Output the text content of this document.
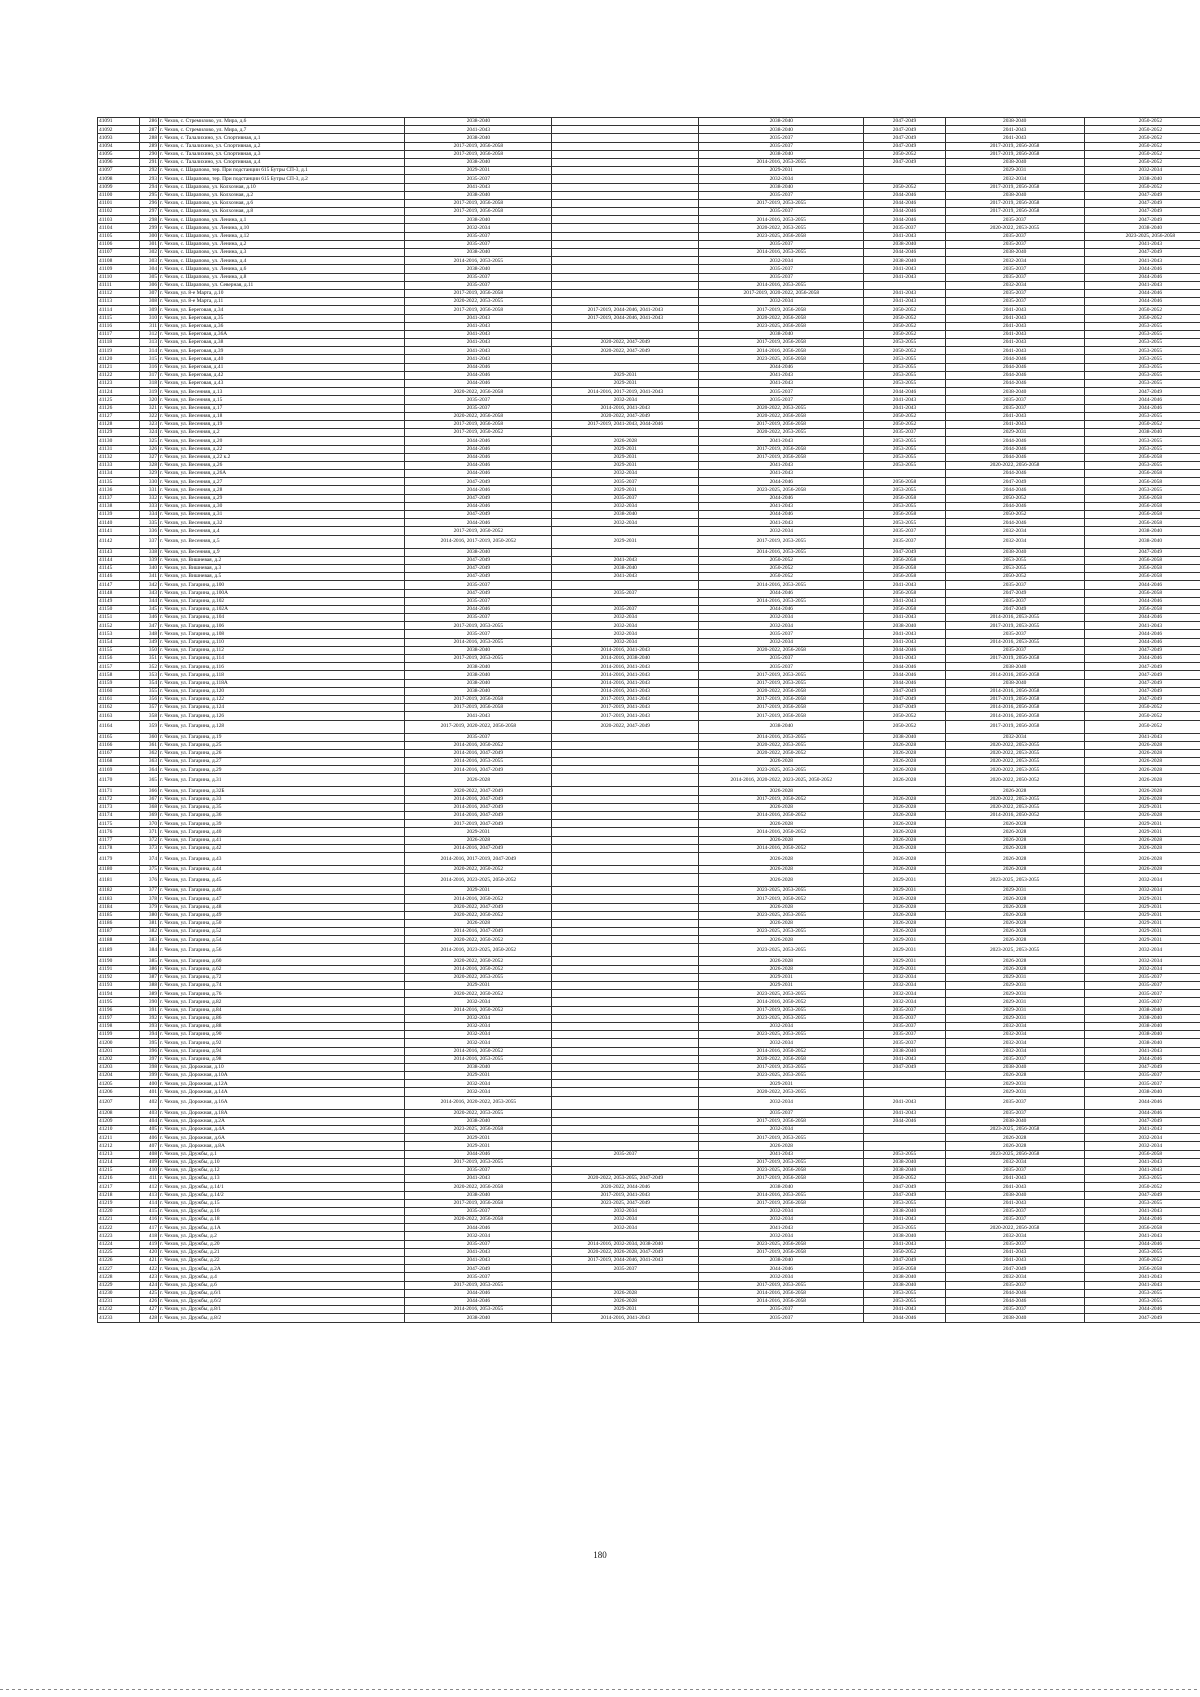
41091	286	г. Чехов, с. Стремилово, ул. Мира, д.6	2038-2040		2038-2040	2047-2049	2038-2040	2050-2052
41092	287	г. Чехов, с. Стремилово, ул. Мира, д.7	2041-2043		2038-2040	2047-2049	2041-2043	2050-2052
41093	288	г. Чехов, с. Талалихино, ул. Спортивная, д.1	2038-2040		2035-2037	2047-2049	2041-2043	2050-2052
41094	289	г. Чехов, с. Талалихино, ул. Спортивная, д.2	2017-2019, 2056-2058		2035-2037	2047-2049	2017-2019, 2056-2058	2050-2052
41095	290	г. Чехов, с. Талалихино, ул. Спортивная, д.3	2017-2019, 2056-2058		2038-2040	2050-2052	2017-2019, 2056-2058	2050-2052
41096	291	г. Чехов, с. Талалихино, ул. Спортивная, д.4	2038-2040		2014-2016, 2053-2055	2047-2049	2038-2040	2050-2052
41097	292	г. Чехов, с. Шарапово, тер. При подстанции 615 Бутры СП-3, д.1	2029-2031		2029-2031		2029-2031	2032-2034
41098	293	г. Чехов, с. Шарапово, тер. При подстанции 615 Бутры СП-3, д.2	2035-2037		2032-2034		2032-2034	2038-2040
41099	294	г. Чехов, с. Шарапово, ул. Колхозная, д.10	2041-2043		2038-2040	2050-2052	2017-2019, 2056-2058	2050-2052
41100	295	г. Чехов, с. Шарапово, ул. Колхозная, д.2	2038-2040		2035-2037	2044-2046	2038-2040	2047-2049
41101	296	г. Чехов, с. Шарапово, ул. Колхозная, д.6	2017-2019, 2056-2058		2017-2019, 2053-2055	2044-2046	2017-2019, 2056-2058	2047-2049
41102	297	г. Чехов, с. Шарапово, ул. Колхозная, д.8	2017-2019, 2056-2058		2035-2037	2044-2046	2017-2019, 2056-2058	2047-2049
41103	298	г. Чехов, с. Шарапово, ул. Ленина, д.1	2038-2040		2014-2016, 2053-2055	2044-2046	2035-2037	2047-2049
41104	299	г. Чехов, с. Шарапово, ул. Ленина, д.10	2032-2034		2020-2022, 2053-2055	2035-2037	2020-2022, 2053-2055	2038-2040
41105	300	г. Чехов, с. Шарапово, ул. Ленина, д.12	2035-2037		2023-2025, 2056-2058	2041-2043	2035-2037	2023-2025, 2056-2058
41106	301	г. Чехов, с. Шарапово, ул. Ленина, д.2	2035-2037		2035-2037	2038-2040	2035-2037	2041-2043
41107	302	г. Чехов, с. Шарапово, ул. Ленина, д.3	2038-2040		2014-2016, 2053-2055	2044-2046	2038-2040	2047-2049
41108	303	г. Чехов, с. Шарапово, ул. Ленина, д.4	2014-2016, 2053-2055		2032-2034	2038-2040	2032-2034	2041-2043
41109	304	г. Чехов, с. Шарапово, ул. Ленина, д.6	2038-2040		2035-2037	2041-2043	2035-2037	2044-2046
41110	305	г. Чехов, с. Шарапово, ул. Ленина, д.8	2035-2037		2035-2037	2041-2043	2035-2037	2044-2046
41111	306	г. Чехов, с. Шарапово, ул. Северная, д.11	2035-2037		2014-2016, 2053-2055		2032-2034	2041-2043
41112	307	г. Чехов, ул. 8-е Марта, д.10	2017-2019, 2056-2058		2017-2019, 2020-2022, 2056-2058	2041-2043	2035-2037	2044-2046
41113	308	г. Чехов, ул. 8-е Марта, д.11	2020-2022, 2053-2055		2032-2034	2041-2043	2035-2037	2044-2046
41114	309	г. Чехов, ул. Береговая, д.34	2017-2019, 2056-2058	2017-2019, 2044-2046, 2041-2043	2017-2019, 2056-2058	2050-2052	2041-2043	2050-2052
41115	310	г. Чехов, ул. Береговая, д.35	2041-2043	2017-2019, 2044-2046, 2041-2043	2020-2022, 2056-2058	2050-2052	2041-2043	2050-2052
41116	311	г. Чехов, ул. Береговая, д.36	2041-2043		2023-2025, 2056-2058	2050-2052	2041-2043	2053-2055
41117	312	г. Чехов, ул. Береговая, д.36А	2041-2043		2038-2040	2050-2052	2041-2043	2053-2055
41118	313	г. Чехов, ул. Береговая, д.38	2041-2043	2020-2022, 2047-2049	2017-2019, 2056-2058	2053-2055	2041-2043	2053-2055
41119	314	г. Чехов, ул. Береговая, д.39	2041-2043	2020-2022, 2047-2049	2014-2016, 2056-2058	2050-2052	2041-2043	2053-2055
41120	315	г. Чехов, ул. Береговая, д.40	2041-2043		2023-2025, 2056-2058	2053-2055	2044-2046	2053-2055
41121	316	г. Чехов, ул. Береговая, д.41	2044-2046		2044-2046	2053-2055	2044-2046	2053-2055
41122	317	г. Чехов, ул. Береговая, д.42	2044-2046	2029-2031	2041-2043	2053-2055	2044-2046	2053-2055
41123	318	г. Чехов, ул. Береговая, д.43	2044-2046	2029-2031	2041-2043	2053-2055	2044-2046	2053-2055
41124	319	г. Чехов, ул. Весенняя, д.13	2020-2022, 2056-2058	2014-2016, 2017-2019, 2041-2043	2035-2037	2044-2046	2038-2040	2047-2049
41125	320	г. Чехов, ул. Весенняя, д.15	2035-2037	2032-2034	2035-2037	2041-2043	2035-2037	2044-2046
41126	321	г. Чехов, ул. Весенняя, д.17	2035-2037	2014-2016, 2041-2043	2020-2022, 2053-2055	2041-2043	2035-2037	2044-2046
41127	322	г. Чехов, ул. Весенняя, д.18	2020-2022, 2056-2058	2020-2022, 2047-2049	2020-2022, 2056-2058	2050-2052	2041-2043	2053-2055
41128	323	г. Чехов, ул. Весенняя, д.19	2017-2019, 2056-2058	2017-2019, 2041-2043, 2044-2046	2017-2019, 2056-2058	2050-2052	2041-2043	2050-2052
41129	324	г. Чехов, ул. Весенняя, д.2	2017-2019, 2050-2052		2020-2022, 2053-2055	2035-2037	2029-2031	2038-2040
41130	325	г. Чехов, ул. Весенняя, д.20	2044-2046	2026-2028	2041-2043	2053-2055	2044-2046	2053-2055
41131	326	г. Чехов, ул. Весенняя, д.22	2044-2046	2029-2031	2017-2019, 2056-2058	2053-2055	2044-2046	2053-2055
41132	327	г. Чехов, ул. Весенняя, д.22 к.2	2044-2046	2029-2031	2017-2019, 2056-2058	2053-2055	2044-2046	2056-2058
41133	328	г. Чехов, ул. Весенняя, д.26	2044-2046	2029-2031	2041-2043	2053-2055	2020-2022, 2056-2058	2053-2055
41134	329	г. Чехов, ул. Весенняя, д.26А	2044-2046	2032-2034	2041-2043		2044-2046	2056-2058
41135	330	г. Чехов, ул. Весенняя, д.27	2047-2049	2035-2037	2044-2046	2056-2058	2047-2049	2056-2058
41136	331	г. Чехов, ул. Весенняя, д.28	2044-2046	2029-2031	2023-2025, 2056-2058	2053-2055	2044-2046	2053-2055
41137	332	г. Чехов, ул. Весенняя, д.29	2047-2049	2035-2037	2044-2046	2056-2058	2050-2052	2056-2058
41138	333	г. Чехов, ул. Весенняя, д.30	2044-2046	2032-2034	2041-2043	2053-2055	2044-2046	2056-2058
41139	334	г. Чехов, ул. Весенняя, д.31	2047-2049	2038-2040	2044-2046	2056-2058	2050-2052	2056-2058
41140	335	г. Чехов, ул. Весенняя, д.32	2044-2046	2032-2034	2041-2043	2053-2055	2044-2046	2056-2058
41141	336	г. Чехов, ул. Весенняя, д.4	2017-2019, 2050-2052		2032-2034	2035-2037	2032-2034	2038-2040
41142	337	г. Чехов, ул. Весенняя, д.5	2014-2016, 2017-2019, 2050-2052	2029-2031	2017-2019, 2053-2055	2035-2037	2032-2034	2038-2040
41143	338	г. Чехов, ул. Весенняя, д.9	2038-2040		2014-2016, 2053-2055	2047-2049	2038-2040	2047-2049
41144	339	г. Чехов, ул. Вишневая, д.2	2047-2049	2041-2043	2050-2052	2056-2058	2053-2055	2056-2058
41145	340	г. Чехов, ул. Вишневая, д.3	2047-2049	2038-2040	2050-2052	2056-2058	2053-2055	2056-2058
41146	341	г. Чехов, ул. Вишневая, д.5	2047-2049	2041-2043	2050-2052	2056-2058	2050-2052	2056-2058
41147	342	г. Чехов, ул. Гагарина, д.100	2035-2037		2014-2016, 2053-2055	2041-2043	2035-2037	2044-2046
41148	343	г. Чехов, ул. Гагарина, д.100А	2047-2049	2035-2037	2044-2046	2056-2058	2047-2049	2056-2058
41149	344	г. Чехов, ул. Гагарина, д.102	2035-2037		2014-2016, 2053-2055	2041-2043	2035-2037	2044-2046
41150	345	г. Чехов, ул. Гагарина, д.102А	2044-2046	2035-2037	2044-2046	2056-2058	2047-2049	2056-2058
41151	346	г. Чехов, ул. Гагарина, д.104	2035-2037	2032-2034	2032-2034	2041-2043	2014-2016, 2053-2055	2044-2046
41152	347	г. Чехов, ул. Гагарина, д.106	2017-2019, 2053-2055	2032-2034	2032-2034	2038-2040	2017-2019, 2053-2055	2041-2043
41153	348	г. Чехов, ул. Гагарина, д.108	2035-2037	2032-2034	2035-2037	2041-2043	2035-2037	2044-2046
41154	349	г. Чехов, ул. Гагарина, д.110	2014-2016, 2053-2055	2032-2034	2032-2034	2041-2043	2014-2016, 2053-2055	2044-2046
41155	350	г. Чехов, ул. Гагарина, д.112	2038-2040	2014-2016, 2041-2043	2020-2022, 2056-2058	2044-2046	2035-2037	2047-2049
41156	351	г. Чехов, ул. Гагарина, д.114	2017-2019, 2053-2055	2014-2016, 2038-2040	2035-2037	2041-2043	2017-2019, 2056-2058	2044-2046
41157	352	г. Чехов, ул. Гагарина, д.116	2038-2040	2014-2016, 2041-2043	2035-2037	2044-2046	2038-2040	2047-2049
41158	353	г. Чехов, ул. Гагарина, д.118	2038-2040	2014-2016, 2041-2043	2017-2019, 2053-2055	2044-2046	2014-2016, 2056-2058	2047-2049
41159	354	г. Чехов, ул. Гагарина, д.118А	2038-2040	2014-2016, 2041-2043	2017-2019, 2053-2055	2044-2046	2038-2040	2047-2049
41160	355	г. Чехов, ул. Гагарина, д.120	2038-2040	2014-2016, 2041-2043	2020-2022, 2056-2058	2047-2049	2014-2016, 2056-2058	2047-2049
41161	356	г. Чехов, ул. Гагарина, д.122	2017-2019, 2056-2058	2017-2019, 2041-2043	2017-2019, 2056-2058	2047-2049	2017-2019, 2056-2058	2047-2049
41162	357	г. Чехов, ул. Гагарина, д.124	2017-2019, 2056-2058	2017-2019, 2041-2043	2017-2019, 2056-2058	2047-2049	2014-2016, 2056-2058	2050-2052
41163	358	г. Чехов, ул. Гагарина, д.126	2041-2043	2017-2019, 2041-2043	2017-2019, 2056-2058	2050-2052	2014-2016, 2056-2058	2050-2052
41164	359	г. Чехов, ул. Гагарина, д.128	2017-2019, 2020-2022, 2056-2058	2020-2022, 2047-2049	2038-2040	2050-2052	2017-2019, 2056-2058	2050-2052
41165	360	г. Чехов, ул. Гагарина, д.19	2035-2037		2014-2016, 2053-2055	2038-2040	2032-2034	2041-2043
41166	361	г. Чехов, ул. Гагарина, д.25	2014-2016, 2050-2052		2020-2022, 2053-2055	2026-2028	2020-2022, 2053-2055	2026-2028
41167	362	г. Чехов, ул. Гагарина, д.26	2014-2016, 2047-2049		2020-2022, 2050-2052	2026-2028	2020-2022, 2053-2055	2026-2028
41168	363	г. Чехов, ул. Гагарина, д.27	2014-2016, 2053-2055		2026-2028	2026-2028	2020-2022, 2053-2055	2026-2028
41169	364	г. Чехов, ул. Гагарина, д.29	2014-2016, 2047-2049		2023-2025, 2053-2055	2026-2028	2020-2022, 2053-2055	2026-2028
41170	365	г. Чехов, ул. Гагарина, д.31	2026-2028		2014-2016, 2020-2022, 2023-2025, 2050-2052	2026-2028	2020-2022, 2050-2052	2026-2028
41171	366	г. Чехов, ул. Гагарина, д.32Б	2020-2022, 2047-2049		2026-2028		2026-2028	2026-2028
41172	367	г. Чехов, ул. Гагарина, д.33	2014-2016, 2047-2049		2017-2019, 2050-2052	2026-2028	2020-2022, 2053-2055	2026-2028
41173	368	г. Чехов, ул. Гагарина, д.35	2014-2016, 2047-2049		2026-2028	2026-2028	2020-2022, 2053-2055	2029-2031
41174	369	г. Чехов, ул. Гагарина, д.36	2014-2016, 2047-2049		2014-2016, 2050-2052	2026-2028	2014-2016, 2050-2052	2026-2028
41175	370	г. Чехов, ул. Гагарина, д.39	2017-2019, 2047-2049		2026-2028	2026-2028	2026-2028	2029-2031
41176	371	г. Чехов, ул. Гагарина, д.40	2029-2031		2014-2016, 2050-2052	2026-2028	2026-2028	2029-2031
41177	372	г. Чехов, ул. Гагарина, д.41	2026-2028		2026-2028	2026-2028	2026-2028	2026-2028
41178	373	г. Чехов, ул. Гагарина, д.42	2014-2016, 2047-2049		2014-2016, 2050-2052	2026-2028	2026-2028	2026-2028
41179	374	г. Чехов, ул. Гагарина, д.43	2014-2016, 2017-2019, 2047-2049		2026-2028	2026-2028	2026-2028	2026-2028
41180	375	г. Чехов, ул. Гагарина, д.44	2020-2022, 2050-2052		2026-2028	2026-2028	2026-2028	2026-2028
41181	376	г. Чехов, ул. Гагарина, д.45	2014-2016, 2023-2025, 2050-2052		2026-2028	2029-2031	2023-2025, 2053-2055	2032-2034
41182	377	г. Чехов, ул. Гагарина, д.46	2029-2031		2023-2025, 2053-2055	2029-2031	2029-2031	2032-2034
41183	378	г. Чехов, ул. Гагарина, д.47	2014-2016, 2050-2052		2017-2019, 2050-2052	2026-2028	2026-2028	2029-2031
41184	379	г. Чехов, ул. Гагарина, д.48	2020-2022, 2047-2049		2026-2028	2026-2028	2026-2028	2029-2031
41185	380	г. Чехов, ул. Гагарина, д.49	2020-2022, 2050-2052		2023-2025, 2053-2055	2026-2028	2026-2028	2029-2031
41186	381	г. Чехов, ул. Гагарина, д.50	2026-2028		2026-2028	2026-2028	2026-2028	2029-2031
41187	382	г. Чехов, ул. Гагарина, д.52	2014-2016, 2047-2049		2023-2025, 2053-2055	2026-2028	2026-2028	2029-2031
41188	383	г. Чехов, ул. Гагарина, д.54	2020-2022, 2050-2052		2026-2028	2029-2031	2026-2028	2029-2031
41189	384	г. Чехов, ул. Гагарина, д.56	2014-2016, 2023-2025, 2050-2052		2023-2025, 2053-2055	2029-2031	2023-2025, 2053-2055	2032-2034
41190	385	г. Чехов, ул. Гагарина, д.60	2020-2022, 2050-2052		2026-2028	2029-2031	2026-2028	2032-2034
41191	386	г. Чехов, ул. Гагарина, д.62	2014-2016, 2050-2052		2026-2028	2029-2031	2026-2028	2032-2034
41192	387	г. Чехов, ул. Гагарина, д.72	2020-2022, 2053-2055		2029-2031	2032-2034	2029-2031	2035-2037
41193	388	г. Чехов, ул. Гагарина, д.74	2029-2031		2029-2031	2032-2034	2029-2031	2035-2037
41194	389	г. Чехов, ул. Гагарина, д.76	2020-2022, 2050-2052		2023-2025, 2053-2055	2032-2034	2029-2031	2035-2037
41195	390	г. Чехов, ул. Гагарина, д.82	2032-2034		2014-2016, 2050-2052	2032-2034	2029-2031	2035-2037
41196	391	г. Чехов, ул. Гагарина, д.84	2014-2016, 2050-2052		2017-2019, 2053-2055	2035-2037	2029-2031	2038-2040
41197	392	г. Чехов, ул. Гагарина, д.86	2032-2034		2023-2025, 2053-2055	2035-2037	2029-2031	2038-2040
41198	393	г. Чехов, ул. Гагарина, д.88	2032-2034		2032-2034	2035-2037	2032-2034	2038-2040
41199	394	г. Чехов, ул. Гагарина, д.90	2032-2034		2023-2025, 2053-2055	2035-2037	2032-2034	2038-2040
41200	395	г. Чехов, ул. Гагарина, д.92	2032-2034		2032-2034	2035-2037	2032-2034	2038-2040
41201	396	г. Чехов, ул. Гагарина, д.94	2014-2016, 2050-2052		2014-2016, 2050-2052	2038-2040	2032-2034	2041-2043
41202	397	г. Чехов, ул. Гагарина, д.98	2014-2016, 2053-2055		2020-2022, 2056-2058	2041-2043	2035-2037	2044-2046
41203	398	г. Чехов, ул. Дорожная, д.10	2038-2040		2017-2019, 2053-2055	2047-2049	2038-2040	2047-2049
41204	399	г. Чехов, ул. Дорожная, д.10А	2029-2031		2023-2025, 2053-2055		2026-2028	2035-2037
41205	400	г. Чехов, ул. Дорожная, д.12А	2032-2034		2029-2031		2029-2031	2035-2037
41206	401	г. Чехов, ул. Дорожная, д.14А	2032-2034		2020-2022, 2053-2055		2029-2031	2038-2040
41207	402	г. Чехов, ул. Дорожная, д.16А	2014-2016, 2020-2022, 2053-2055		2032-2034	2041-2043	2035-2037	2044-2046
41208	403	г. Чехов, ул. Дорожная, д.18А	2020-2022, 2053-2055		2035-2037	2041-2043	2035-2037	2044-2046
41209	404	г. Чехов, ул. Дорожная, д.2А	2038-2040		2017-2019, 2056-2058	2044-2046	2038-2040	2047-2049
41210	405	г. Чехов, ул. Дорожная, д.4А	2023-2025, 2056-2058		2032-2034		2023-2025, 2056-2058	2041-2043
41211	406	г. Чехов, ул. Дорожная, д.6А	2029-2031		2017-2019, 2053-2055		2026-2028	2032-2034
41212	407	г. Чехов, ул. Дорожная, д.8А	2029-2031		2026-2028		2026-2028	2032-2034
41213	408	г. Чехов, ул. Дружбы, д.1	2044-2046	2035-2037	2041-2043	2053-2055	2023-2025, 2056-2058	2056-2058
41214	409	г. Чехов, ул. Дружбы, д.10	2017-2019, 2053-2055		2017-2019, 2053-2055	2038-2040	2032-2034	2041-2043
41215	410	г. Чехов, ул. Дружбы, д.12	2035-2037		2023-2025, 2056-2058	2038-2040	2035-2037	2041-2043
41216	411	г. Чехов, ул. Дружбы, д.13	2041-2043	2020-2022, 2053-2055, 2047-2049	2017-2019, 2056-2058	2050-2052	2041-2043	2053-2055
41217	412	г. Чехов, ул. Дружбы, д.14/1	2020-2022, 2056-2058	2020-2022, 2044-2046	2038-2040	2047-2049	2041-2043	2050-2052
41218	413	г. Чехов, ул. Дружбы, д.14/2	2038-2040	2017-2019, 2041-2043	2014-2016, 2053-2055	2047-2049	2038-2040	2047-2049
41219	414	г. Чехов, ул. Дружбы, д.15	2017-2019, 2056-2058	2023-2025, 2047-2049	2017-2019, 2056-2058	2053-2055	2041-2043	2053-2055
41220	415	г. Чехов, ул. Дружбы, д.16	2035-2037	2032-2034	2032-2034	2038-2040	2035-2037	2041-2043
41221	416	г. Чехов, ул. Дружбы, д.18	2020-2022, 2056-2058	2032-2034	2032-2034	2041-2043	2035-2037	2044-2046
41222	417	г. Чехов, ул. Дружбы, д.1А	2044-2046	2032-2034	2041-2043	2053-2055	2020-2022, 2056-2058	2056-2058
41223	418	г. Чехов, ул. Дружбы, д.2	2032-2034		2032-2034	2038-2040	2032-2034	2041-2043
41224	419	г. Чехов, ул. Дружбы, д.20	2035-2037	2014-2016, 2032-2034, 2038-2040	2023-2025, 2056-2058	2041-2043	2035-2037	2044-2046
41225	420	г. Чехов, ул. Дружбы, д.21	2041-2043	2020-2022, 2026-2028, 2047-2049	2017-2019, 2056-2058	2050-2052	2041-2043	2053-2055
41226	421	г. Чехов, ул. Дружбы, д.22	2041-2043	2017-2019, 2044-2046, 2041-2043	2038-2040	2047-2049	2041-2043	2050-2052
41227	422	г. Чехов, ул. Дружбы, д.2А	2047-2049	2035-2037	2044-2046	2056-2058	2047-2049	2056-2058
41228	423	г. Чехов, ул. Дружбы, д.4	2035-2037		2032-2034	2038-2040	2032-2034	2041-2043
41229	424	г. Чехов, ул. Дружбы, д.6	2017-2019, 2053-2055		2017-2019, 2053-2055	2038-2040	2035-2037	2041-2043
41230	425	г. Чехов, ул. Дружбы, д.6/1	2044-2046	2026-2028	2014-2016, 2056-2058	2053-2055	2044-2046	2053-2055
41231	426	г. Чехов, ул. Дружбы, д.6/2	2044-2046	2026-2028	2014-2016, 2056-2058	2053-2055	2044-2046	2053-2055
41232	427	г. Чехов, ул. Дружбы, д.8/1	2014-2016, 2053-2055	2029-2031	2035-2037	2041-2043	2035-2037	2044-2046
41233	428	г. Чехов, ул. Дружбы, д.8/2	2038-2040	2014-2016, 2041-2043	2035-2037	2044-2046	2038-2040	2047-2049
180
